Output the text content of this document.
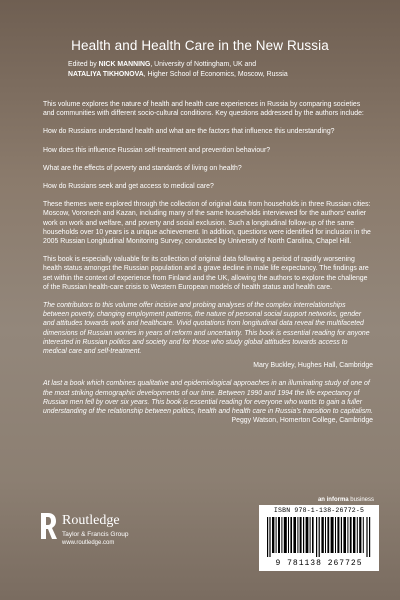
Health and Health Care in the New Russia
Edited by NICK MANNING, University of Nottingham, UK and
NATALIYA TIKHONOVA, Higher School of Economics, Moscow, Russia

This volume explores the nature of health and health care experiences in Russia by comparing societies and communities with different socio-cultural conditions. Key questions addressed by the authors include:

How do Russians understand health and what are the factors that influence this understanding?

How does this influence Russian self-treatment and prevention behaviour?

What are the effects of poverty and standards of living on health?

How do Russians seek and get access to medical care?

These themes were explored through the collection of original data from households in three Russian cities: Moscow, Voronezh and Kazan, including many of the same households interviewed for the authors' earlier work on work and welfare, and poverty and social exclusion. Such a longitudinal follow-up of the same households over 10 years is a unique achievement. In addition, questions were identified for inclusion in the 2005 Russian Longitudinal Monitoring Survey, conducted by University of North Carolina, Chapel Hill.

This book is especially valuable for its collection of original data following a period of rapidly worsening health status amongst the Russian population and a grave decline in male life expectancy. The findings are set within the context of experience from Finland and the UK, allowing the authors to explore the challenge of the Russian health-care crisis to Western European models of health status and health care.

The contributors to this volume offer incisive and probing analyses of the complex interrelationships between poverty, changing employment patterns, the nature of personal social support networks, gender and attitudes towards work and healthcare. Vivid quotations from longitudinal data reveal the multifaceted dimensions of Russian worries in years of reform and uncertainty. This book is essential reading for anyone interested in Russian politics and society and for those who study global attitudes towards access to medical care and self-treatment.

Mary Buckley, Hughes Hall, Cambridge

At last a book which combines qualitative and epidemiological approaches in an illuminating study of one of the most striking demographic developments of our time. Between 1990 and 1994 the life expectancy of Russian men fell by over six years. This book is essential reading for everyone who wants to gain a fuller understanding of the relationship between politics, health and health care in Russia's transition to capitalism.

Peggy Watson, Homerton College, Cambridge

an informa business
Routledge
Taylor & Francis Group
www.routledge.com
ISBN 978-1-138-26772-5
9 781138 267725
